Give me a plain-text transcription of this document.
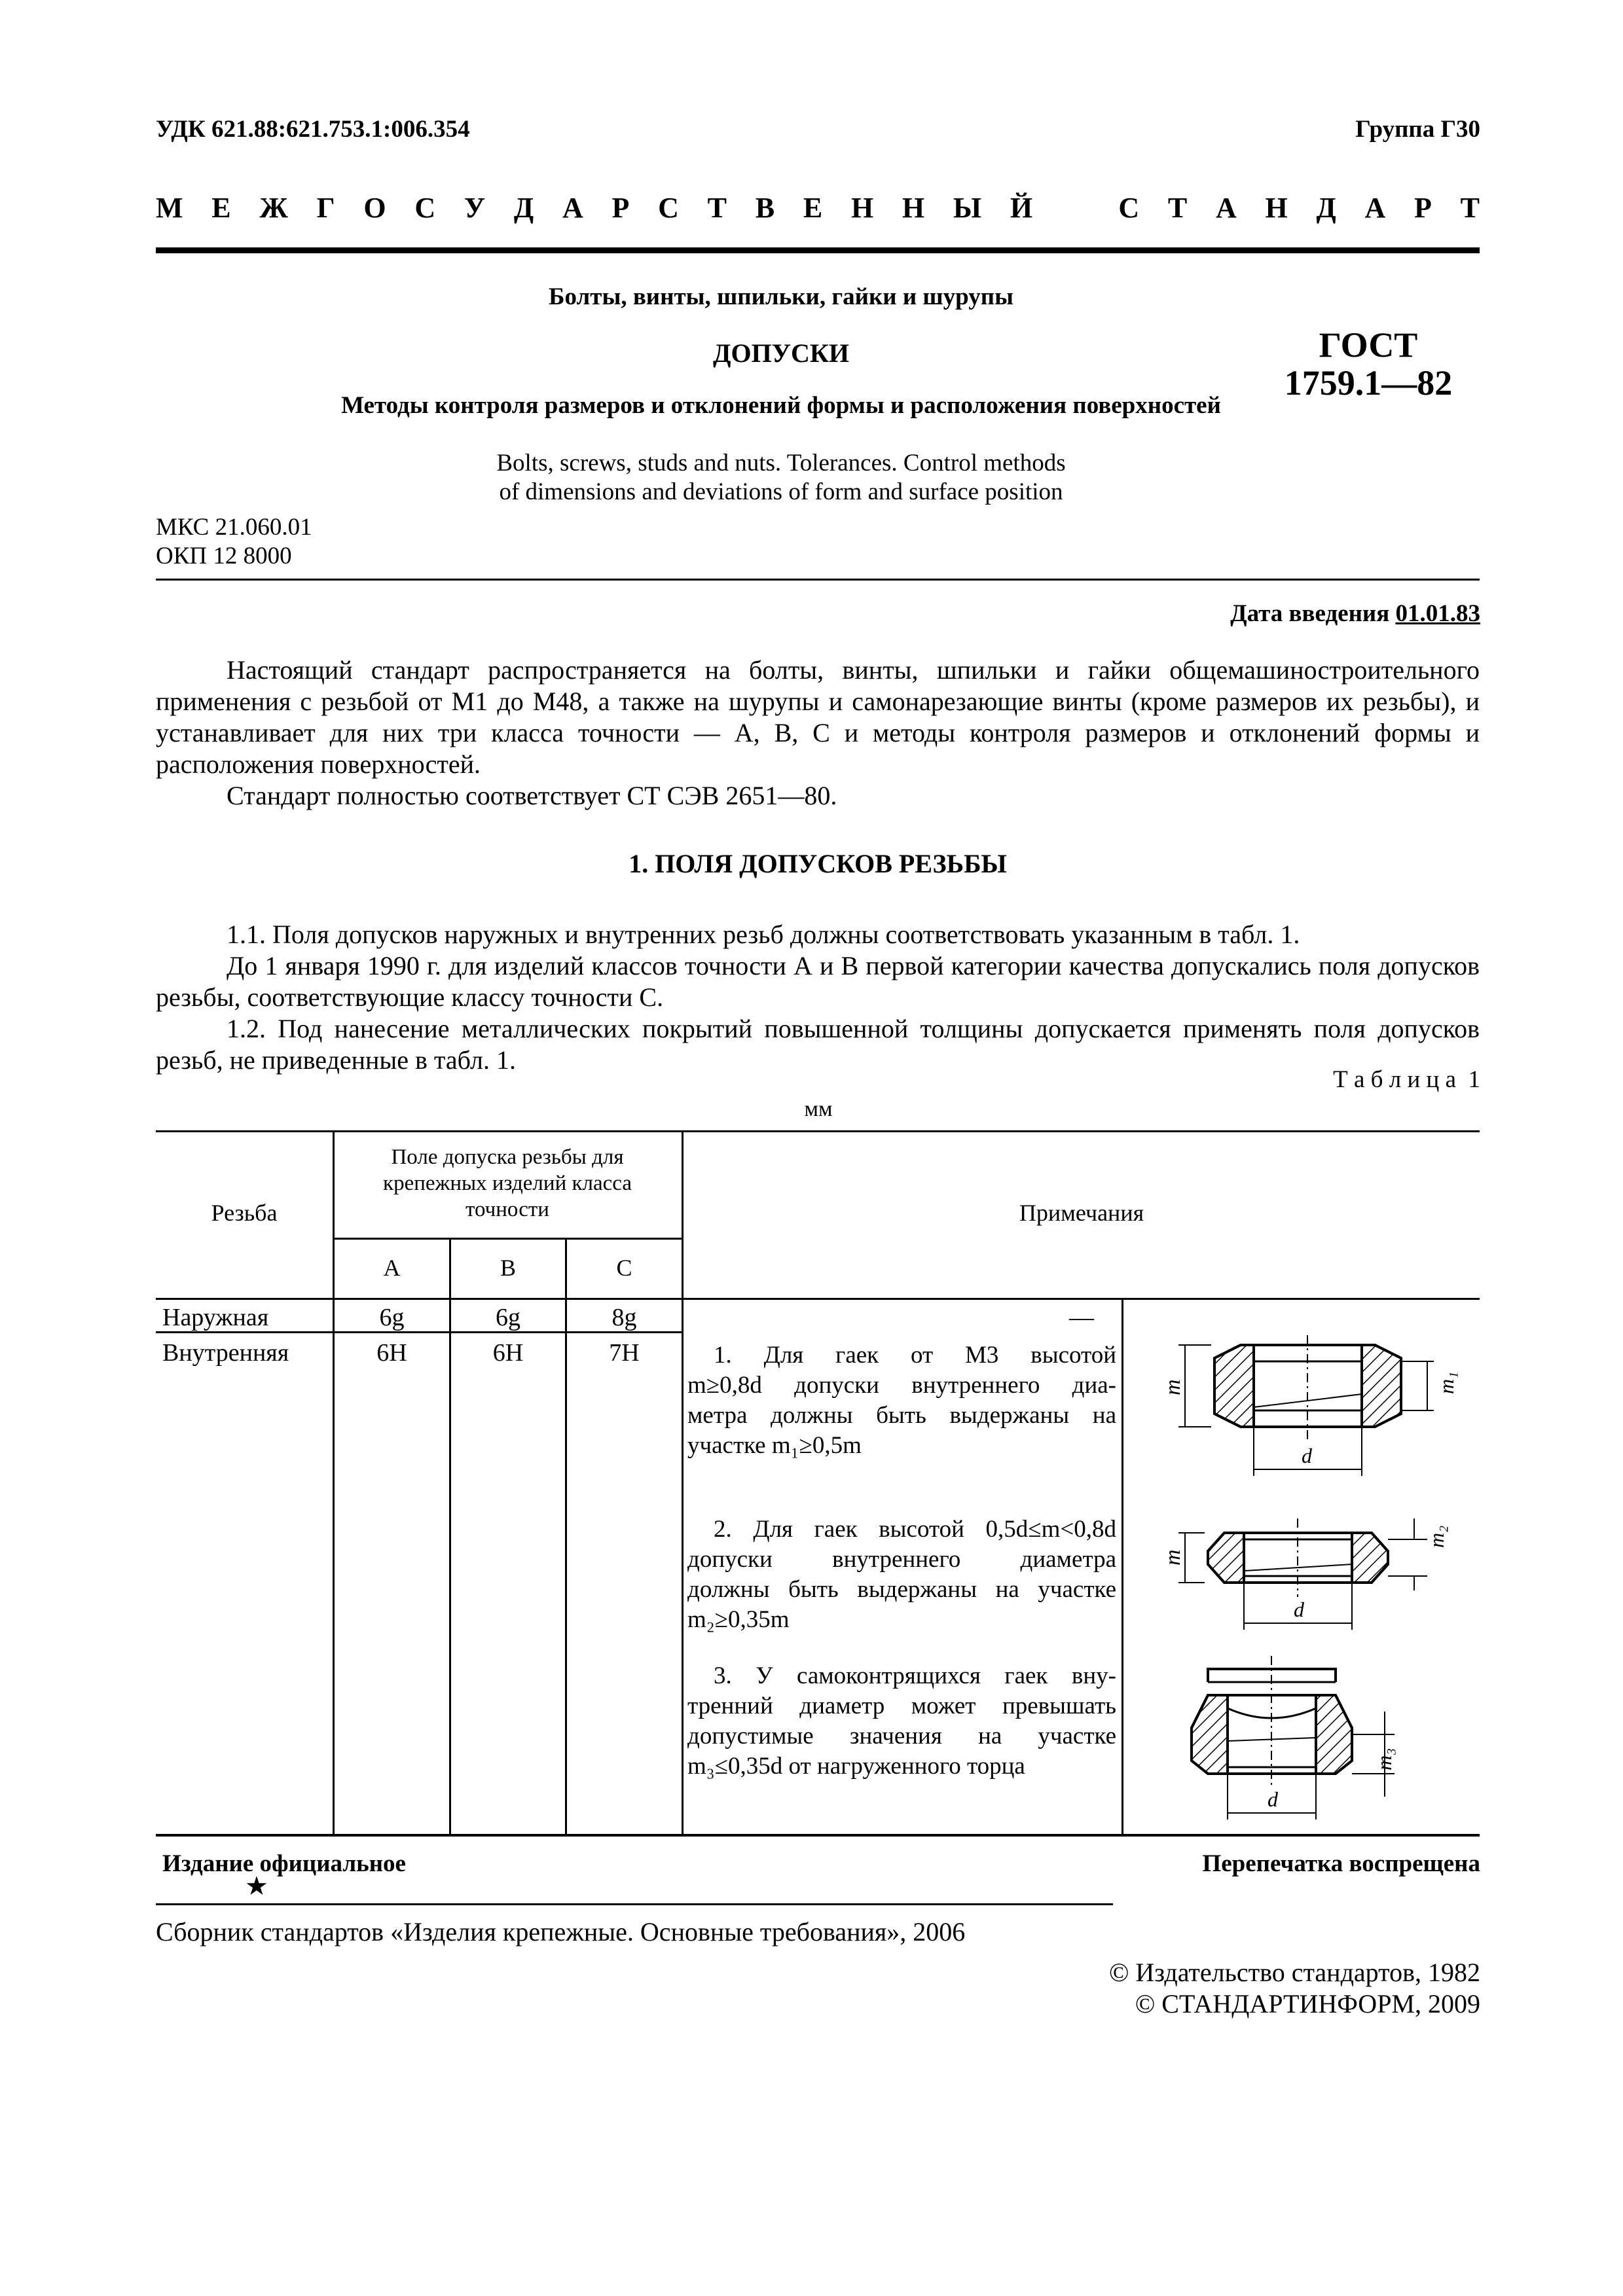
УДК 621.88:621.753.1:006.354	Группа Г30
М Е Ж Г О С У Д А Р С Т В Е Н Н Ы Й   С Т А Н Д А Р Т
Болты, винты, шпильки, гайки и шурупы
ДОПУСКИ
Методы контроля размеров и отклонений формы и расположения поверхностей
ГОСТ
1759.1—82
Bolts, screws, studs and nuts. Tolerances. Control methods
of dimensions and deviations of form and surface position
МКС 21.060.01
ОКП 12 8000
Дата введения 01.01.83
Настоящий стандарт распространяется на болты, винты, шпильки и гайки общемашиностроительного применения с резьбой от М1 до М48, а также на шурупы и самонарезающие винты (кроме размеров их резьбы), и устанавливает для них три класса точности — А, В, С и методы контроля размеров и отклонений формы и расположения поверхностей.
Стандарт полностью соответствует СТ СЭВ 2651—80.
1. ПОЛЯ ДОПУСКОВ РЕЗЬБЫ
1.1. Поля допусков наружных и внутренних резьб должны соответствовать указанным в табл. 1.
До 1 января 1990 г. для изделий классов точности А и В первой категории качества допускались поля допусков резьбы, соответствующие классу точности С.
1.2. Под нанесение металлических покрытий повышенной толщины допускается применять поля допусков резьб, не приведенные в табл. 1.
Т а б л и ц а  1
мм
Резьба
Поле допуска резьбы для крепежных изделий класса точности
А	В	С
Примечания
Наружная	6g	6g	8g	—
Внутренняя	6H	6H	7H	1. Для гаек от М3 высотой
m≥0,8d допуски внутреннего диа-
метра должны быть выдержаны на
участке m₁≥0,5m
2. Для гаек высотой 0,5d≤m<0,8d
допуски внутреннего диаметра
должны быть выдержаны на участке
m₂≥0,35m
3. У самоконтрящихся гаек вну-
тренний диаметр может превышать
допустимые значения на участке
m₃≤0,35d от нагруженного торца
m	m₁
d
m
m₂
d
m₃
d
Издание официальное
★
Перепечатка воспрещена
Сборник стандартов «Изделия крепежные. Основные требования», 2006
© Издательство стандартов, 1982
© СТАНДАРТИНФОРМ, 2009
